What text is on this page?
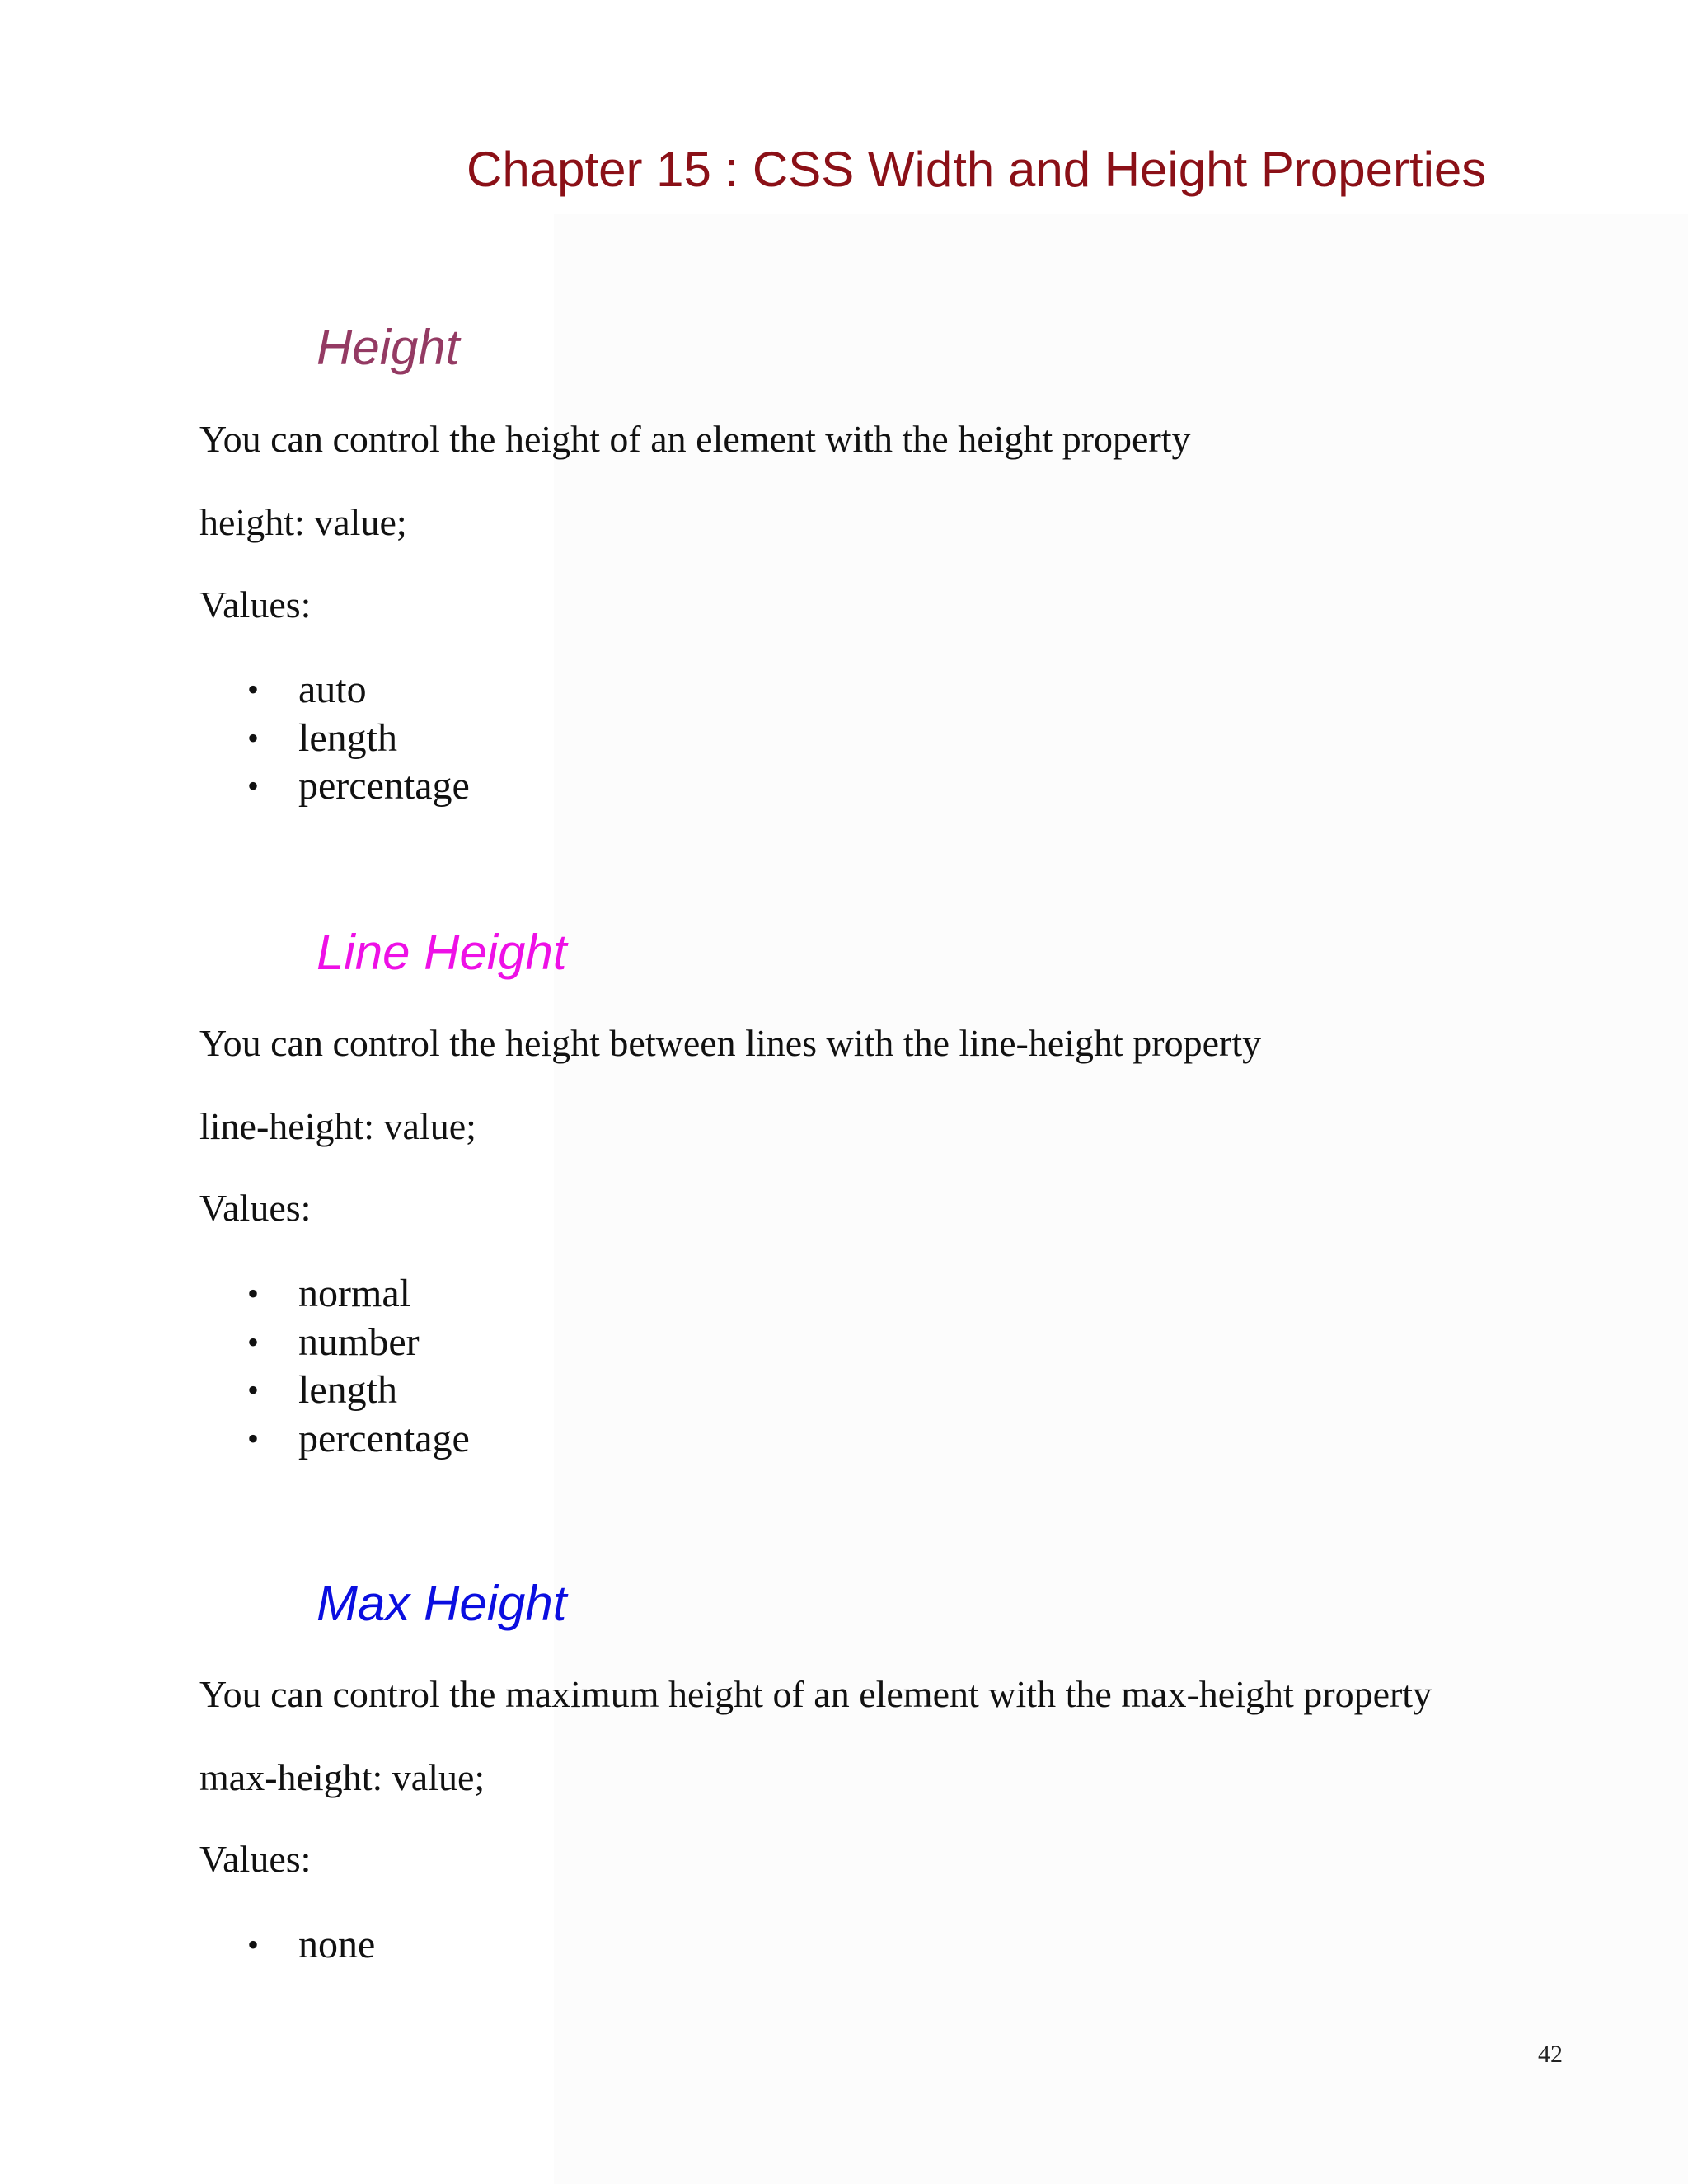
Chapter 15 : CSS Width and Height Properties
Height

You can control the height of an element with the height property

height: value;

Values:

• auto
• length
• percentage
Line Height

You can control the height between lines with the line-height property

line-height: value;

Values:

• normal
• number
• length
• percentage
Max Height

You can control the maximum height of an element with the max-height property

max-height: value;

Values:

• none

42
